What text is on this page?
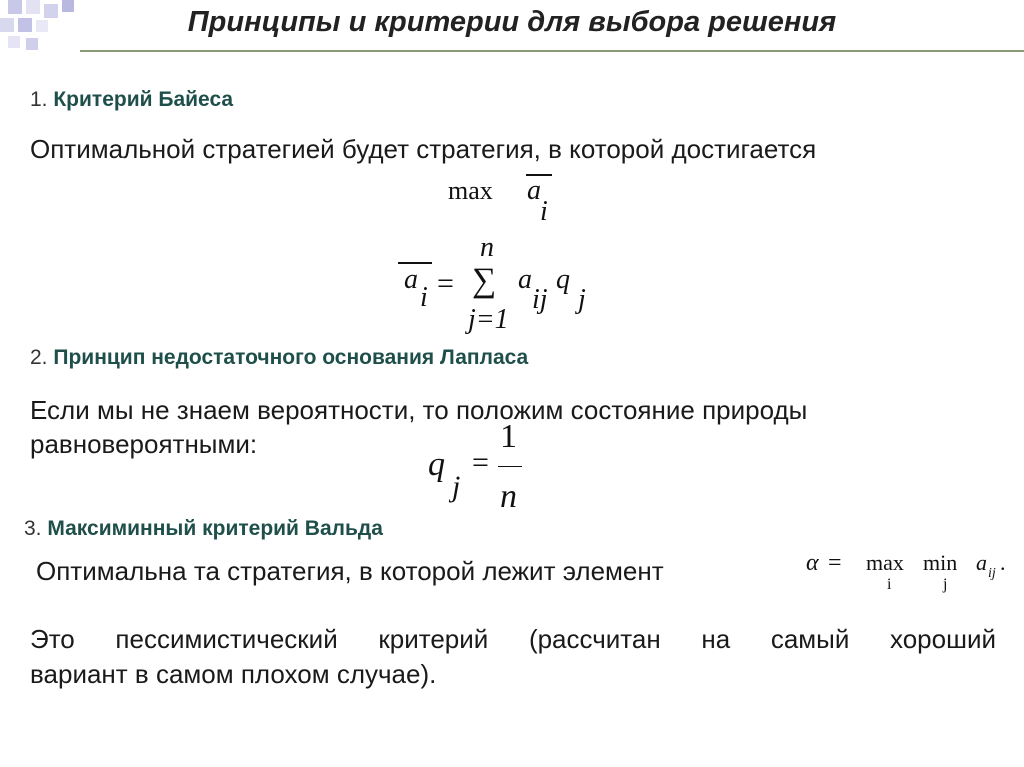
Принципы и критерии для выбора решения
1. Критерий Байеса
Оптимальной стратегией будет стратегия, в которой достигается
max a
i
a
i =
n
∑
j=1
a
ij
q
j
2. Принцип недостаточного основания Лапласа
Если мы не знаем вероятности, то положим состояние природы
равновероятными:
q
j
=
1
n
3. Максиминный критерий Вальда
Оптимальна та стратегия, в которой лежит элемент	α = max
i
min
j
a ij .
Это пессимистический критерий (рассчитан на самый хороший
вариант в самом плохом случае).
